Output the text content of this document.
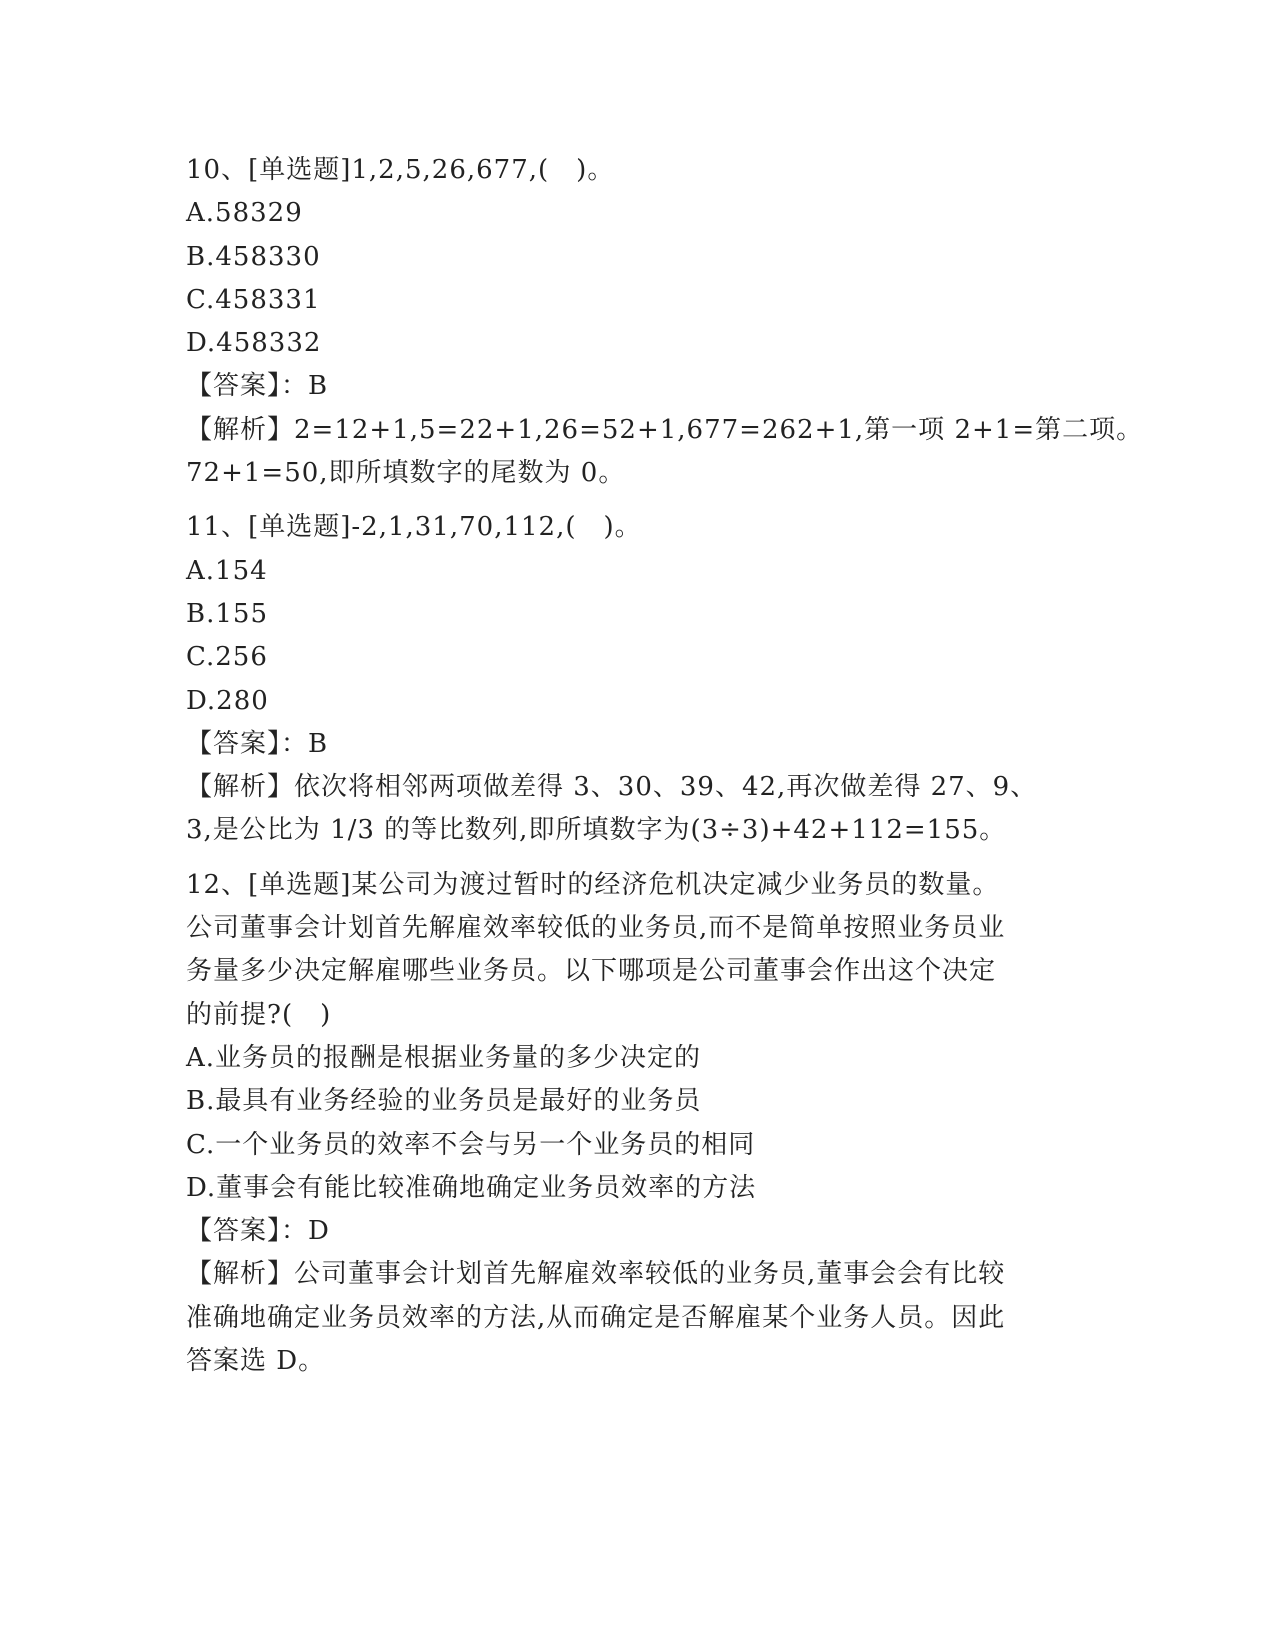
10、[单选题]1,2,5,26,677,(　)。
A.58329
B.458330
C.458331
D.458332
【答案】：B
【解析】2=12+1,5=22+1,26=52+1,677=262+1,第一项 2+1=第二项。
72+1=50,即所填数字的尾数为 0。
11、[单选题]-2,1,31,70,112,(　)。
A.154
B.155
C.256
D.280
【答案】：B
【解析】依次将相邻两项做差得 3、30、39、42,再次做差得 27、9、
3,是公比为 1/3 的等比数列,即所填数字为(3÷3)+42+112=155。
12、[单选题]某公司为渡过暂时的经济危机决定减少业务员的数量。
公司董事会计划首先解雇效率较低的业务员,而不是简单按照业务员业
务量多少决定解雇哪些业务员。以下哪项是公司董事会作出这个决定
的前提?(　)
A.业务员的报酬是根据业务量的多少决定的
B.最具有业务经验的业务员是最好的业务员
C.一个业务员的效率不会与另一个业务员的相同
D.董事会有能比较准确地确定业务员效率的方法
【答案】：D
【解析】公司董事会计划首先解雇效率较低的业务员,董事会会有比较
准确地确定业务员效率的方法,从而确定是否解雇某个业务人员。因此
答案选 D。
